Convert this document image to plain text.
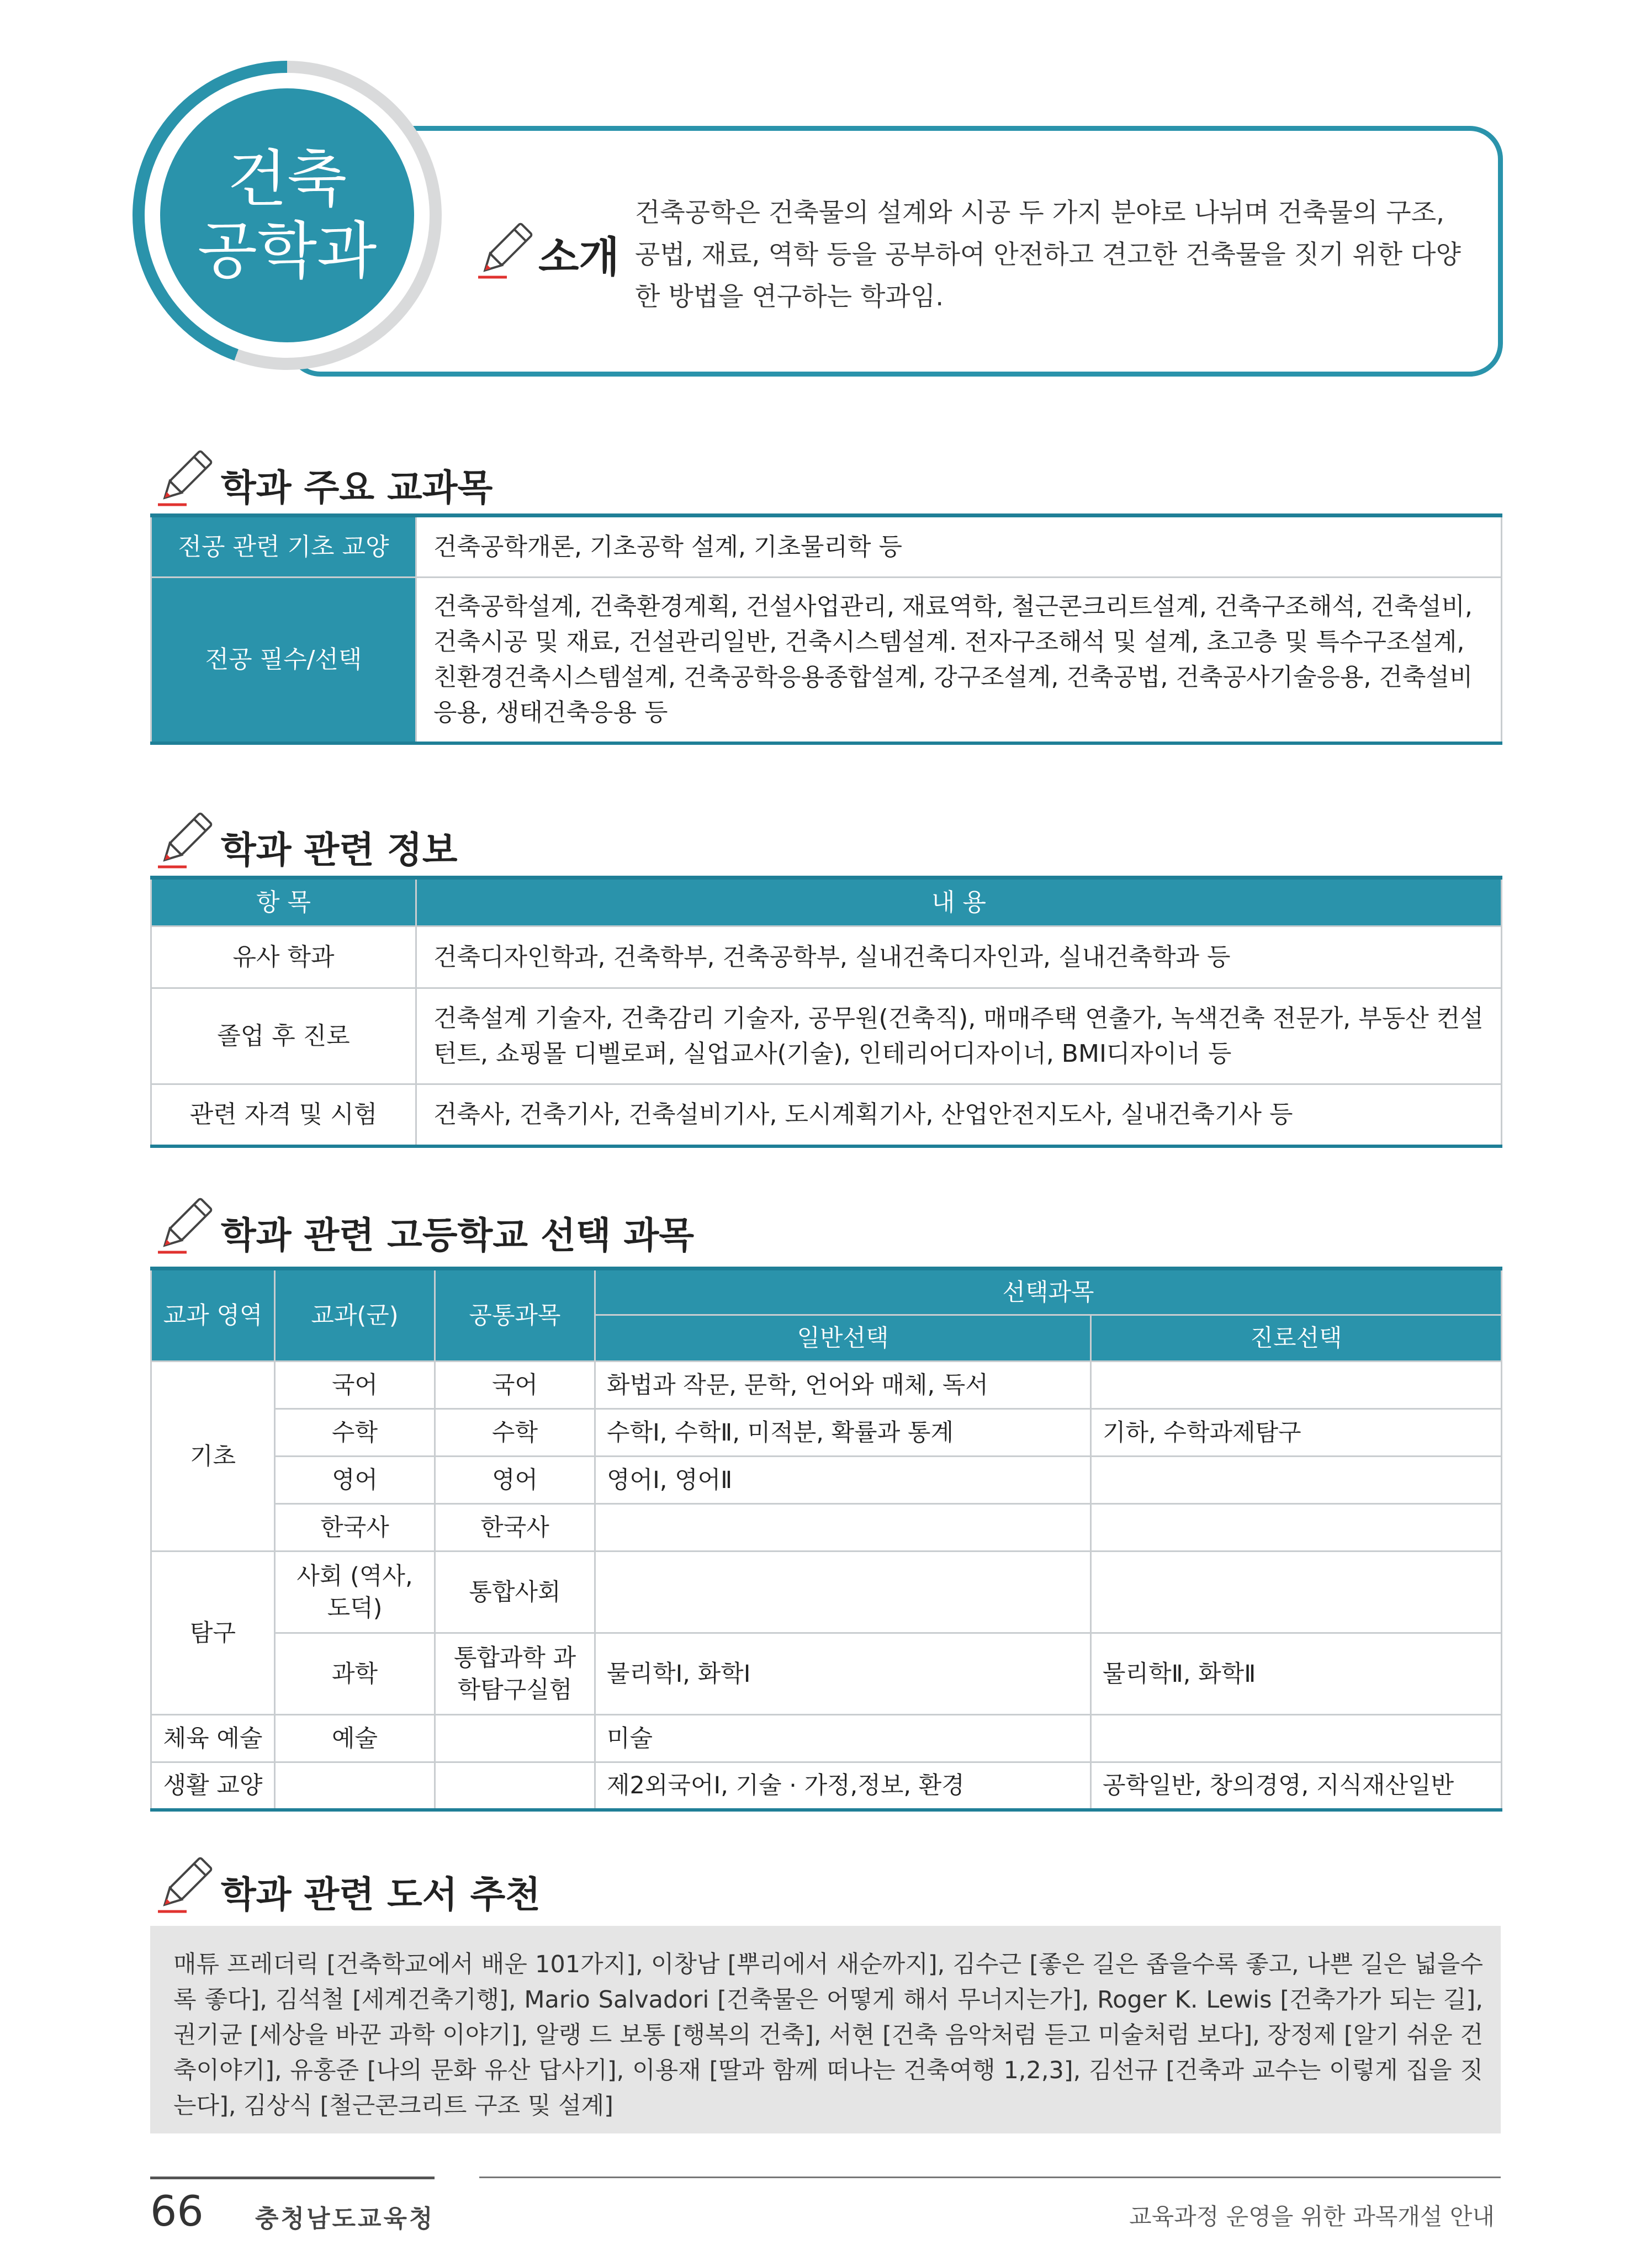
건축
공학과	소개
건축공학은 건축물의 설계와 시공 두 가지 분야로 나뉘며 건축물의 구조, 공법, 재료, 역학 등을 공부하여 안전하고 견고한 건축물을 짓기 위한 다양한 방법을 연구하는 학과임.
학과 주요 교과목
전공 관련 기초 교양	건축공학개론, 기초공학 설계, 기초물리학 등
전공 필수/선택	건축공학설계, 건축환경계획, 건설사업관리, 재료역학, 철근콘크리트설계, 건축구조해석, 건축설비, 건축시공 및 재료, 건설관리일반, 건축시스템설계. 전자구조해석 및 설계, 초고층 및 특수구조설계, 친환경건축시스템설계, 건축공학응용종합설계, 강구조설계, 건축공법, 건축공사기술응용, 건축설비응용, 생태건축응용 등
학과 관련 정보
항 목	내 용
유사 학과	건축디자인학과, 건축학부, 건축공학부, 실내건축디자인과, 실내건축학과 등
졸업 후 진로	건축설계 기술자, 건축감리 기술자, 공무원(건축직), 매매주택 연출가, 녹색건축 전문가, 부동산 컨설턴트, 쇼핑몰 디벨로퍼, 실업교사(기술), 인테리어디자이너, BMI디자이너 등
관련 자격 및 시험	건축사, 건축기사, 건축설비기사, 도시계획기사, 산업안전지도사, 실내건축기사 등
학과 관련 고등학교 선택 과목
교과 영역	교과(군)	공통과목	선택과목	
			일반선택	진로선택
기초	국어	국어	화법과 작문, 문학, 언어와 매체, 독서	
	수학	수학	수학Ⅰ, 수학Ⅱ, 미적분, 확률과 통계	기하, 수학과제탐구
	영어	영어	영어Ⅰ, 영어Ⅱ	
	한국사	한국사		
탐구	사회 (역사,도덕)	통합사회		
	과학	통합과학 과학탐구실험	물리학Ⅰ, 화학Ⅰ	물리학Ⅱ, 화학Ⅱ
체육 예술	예술		미술	
생활 교양			제2외국어Ⅰ, 기술 · 가정,정보, 환경	공학일반, 창의경영, 지식재산일반
학과 관련 도서 추천
매튜 프레더릭 [건축학교에서 배운 101가지], 이창남 [뿌리에서 새순까지], 김수근 [좋은 길은 좁을수록 좋고, 나쁜 길은 넓을수록 좋다], 김석철 [세계건축기행], Mario Salvadori [건축물은 어떻게 해서 무너지는가], Roger K. Lewis [건축가가 되는 길], 권기균 [세상을 바꾼 과학 이야기], 알랭 드 보통 [행복의 건축], 서현 [건축 음악처럼 듣고 미술처럼 보다], 장정제 [알기 쉬운 건축이야기], 유홍준 [나의 문화 유산 답사기], 이용재 [딸과 함께 떠나는 건축여행 1,2,3], 김선규 [건축과 교수는 이렇게 집을 짓는다], 김상식 [철근콘크리트 구조 및 설계]
66 충청남도교육청	교육과정 운영을 위한 과목개설 안내
